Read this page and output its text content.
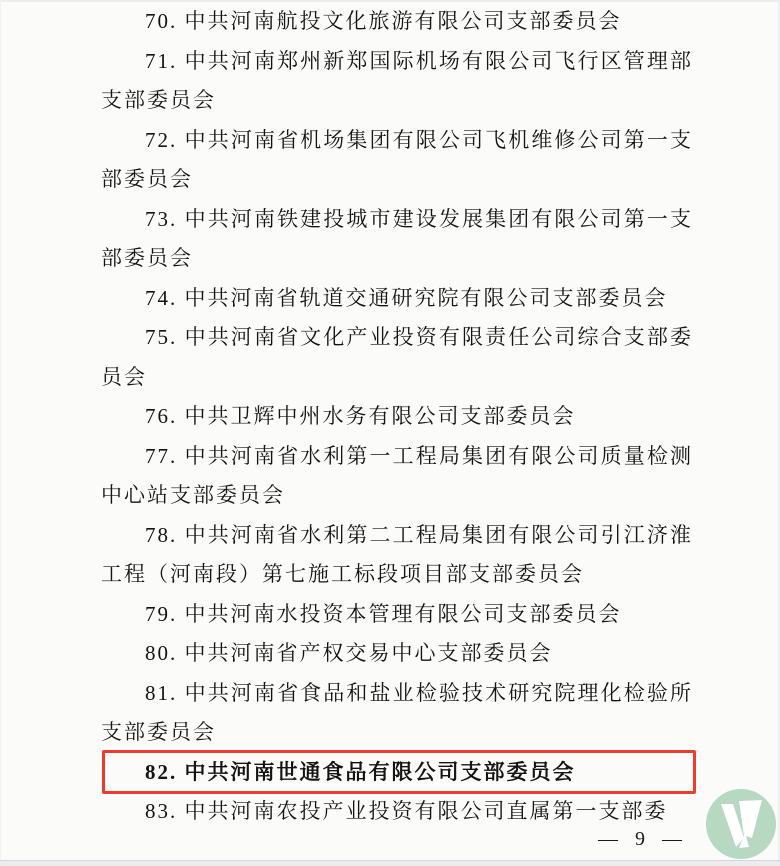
70. 中共河南航投文化旅游有限公司支部委员会

71. 中共河南郑州新郑国际机场有限公司飞行区管理部支部委员会

72. 中共河南省机场集团有限公司飞机维修公司第一支部委员会

73. 中共河南铁建投城市建设发展集团有限公司第一支部委员会

74. 中共河南省轨道交通研究院有限公司支部委员会

75. 中共河南省文化产业投资有限责任公司综合支部委员会

76. 中共卫辉中州水务有限公司支部委员会

77. 中共河南省水利第一工程局集团有限公司质量检测中心站支部委员会

78. 中共河南省水利第二工程局集团有限公司引江济淮工程（河南段）第七施工标段项目部支部委员会

79. 中共河南水投资本管理有限公司支部委员会

80. 中共河南省产权交易中心支部委员会

81. 中共河南省食品和盐业检验技术研究院理化检验所支部委员会

82. 中共河南世通食品有限公司支部委员会

83. 中共河南农投产业投资有限公司直属第一支部委

— 9 —
